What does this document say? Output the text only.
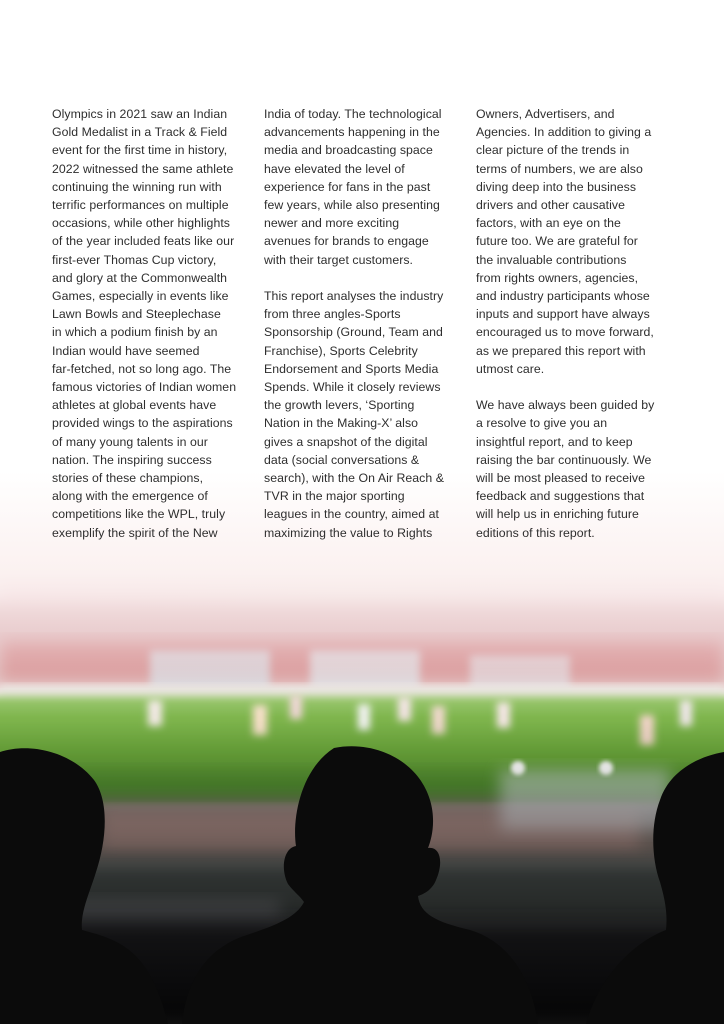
Olympics in 2021 saw an Indian
Gold Medalist in a Track & Field
event for the first time in history,
2022 witnessed the same athlete
continuing the winning run with
terrific performances on multiple
occasions, while other highlights
of the year included feats like our
first-ever Thomas Cup victory,
and glory at the Commonwealth
Games, especially in events like
Lawn Bowls and Steeplechase
in which a podium finish by an
Indian would have seemed
far-fetched, not so long ago. The
famous victories of Indian women
athletes at global events have
provided wings to the aspirations
of many young talents in our
nation. The inspiring success
stories of these champions,
along with the emergence of
competitions like the WPL, truly
exemplify the spirit of the New

India of today. The technological
advancements happening in the
media and broadcasting space
have elevated the level of
experience for fans in the past
few years, while also presenting
newer and more exciting
avenues for brands to engage
with their target customers.

This report analyses the industry
from three angles-Sports
Sponsorship (Ground, Team and
Franchise), Sports Celebrity
Endorsement and Sports Media
Spends. While it closely reviews
the growth levers, ‘Sporting
Nation in the Making-X’ also
gives a snapshot of the digital
data (social conversations &
search), with the On Air Reach &
TVR in the major sporting
leagues in the country, aimed at
maximizing the value to Rights

Owners, Advertisers, and
Agencies. In addition to giving a
clear picture of the trends in
terms of numbers, we are also
diving deep into the business
drivers and other causative
factors, with an eye on the
future too. We are grateful for
the invaluable contributions
from rights owners, agencies,
and industry participants whose
inputs and support have always
encouraged us to move forward,
as we prepared this report with
utmost care.

We have always been guided by
a resolve to give you an
insightful report, and to keep
raising the bar continuously. We
will be most pleased to receive
feedback and suggestions that
will help us in enriching future
editions of this report.
